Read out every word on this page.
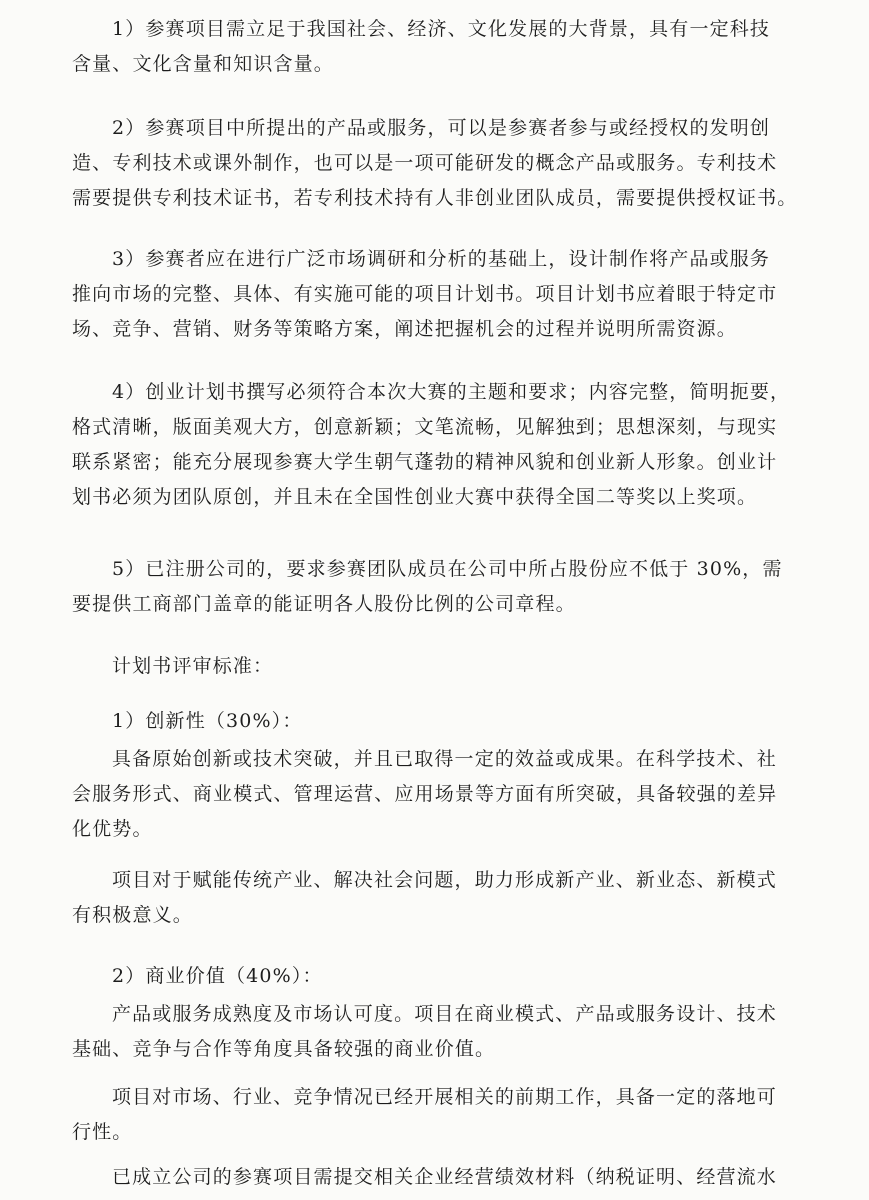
1）参赛项目需立足于我国社会、经济、文化发展的大背景，具有一定科技
含量、文化含量和知识含量。
2）参赛项目中所提出的产品或服务，可以是参赛者参与或经授权的发明创
造、专利技术或课外制作，也可以是一项可能研发的概念产品或服务。专利技术
需要提供专利技术证书，若专利技术持有人非创业团队成员，需要提供授权证书。
3）参赛者应在进行广泛市场调研和分析的基础上，设计制作将产品或服务
推向市场的完整、具体、有实施可能的项目计划书。项目计划书应着眼于特定市
场、竞争、营销、财务等策略方案，阐述把握机会的过程并说明所需资源。
4）创业计划书撰写必须符合本次大赛的主题和要求；内容完整，简明扼要，
格式清晰，版面美观大方，创意新颖；文笔流畅，见解独到；思想深刻，与现实
联系紧密；能充分展现参赛大学生朝气蓬勃的精神风貌和创业新人形象。创业计
划书必须为团队原创，并且未在全国性创业大赛中获得全国二等奖以上奖项。
5）已注册公司的，要求参赛团队成员在公司中所占股份应不低于 30%，需
要提供工商部门盖章的能证明各人股份比例的公司章程。
计划书评审标准：
1）创新性（30%）：
具备原始创新或技术突破，并且已取得一定的效益或成果。在科学技术、社
会服务形式、商业模式、管理运营、应用场景等方面有所突破，具备较强的差异
化优势。
项目对于赋能传统产业、解决社会问题，助力形成新产业、新业态、新模式
有积极意义。
2）商业价值（40%）：
产品或服务成熟度及市场认可度。项目在商业模式、产品或服务设计、技术
基础、竞争与合作等角度具备较强的商业价值。
项目对市场、行业、竞争情况已经开展相关的前期工作，具备一定的落地可
行性。
已成立公司的参赛项目需提交相关企业经营绩效材料（纳税证明、经营流水
